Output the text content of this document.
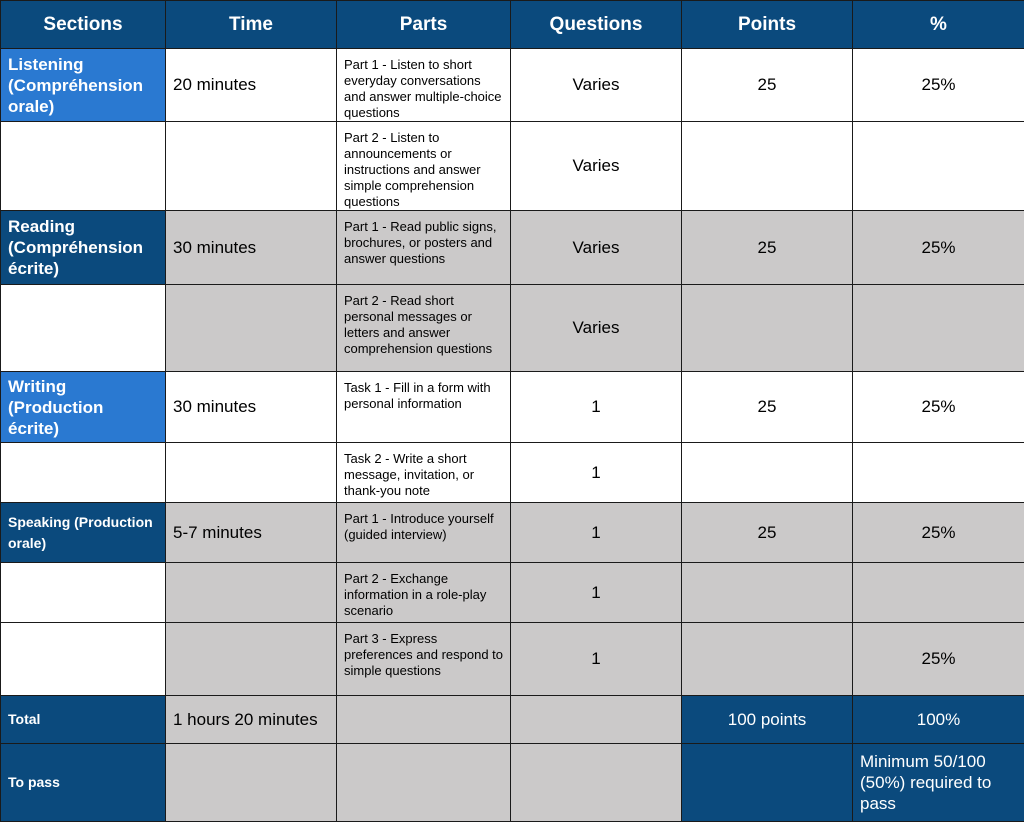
Sections	Time	Parts	Questions	Points	%
Listening (Compréhension orale)	20 minutes	Part 1 - Listen to short everyday conversations and answer multiple-choice questions	Varies	25	25%
		Part 2 - Listen to announcements or instructions and answer simple comprehension questions	Varies		
Reading (Compréhension écrite)	30 minutes	Part 1 - Read public signs, brochures, or posters and answer questions	Varies	25	25%
		Part 2 - Read short personal messages or letters and answer comprehension questions	Varies		
Writing (Production écrite)	30 minutes	Task 1 - Fill in a form with personal information	1	25	25%
		Task 2 - Write a short message, invitation, or thank-you note	1		
Speaking (Production orale)	5-7 minutes	Part 1 - Introduce yourself (guided interview)	1	25	25%
		Part 2 - Exchange information in a role-play scenario	1		
		Part 3 - Express preferences and respond to simple questions	1		25%
Total	1 hours 20 minutes			100 points	100%
To pass					Minimum 50/100 (50%) required to pass
